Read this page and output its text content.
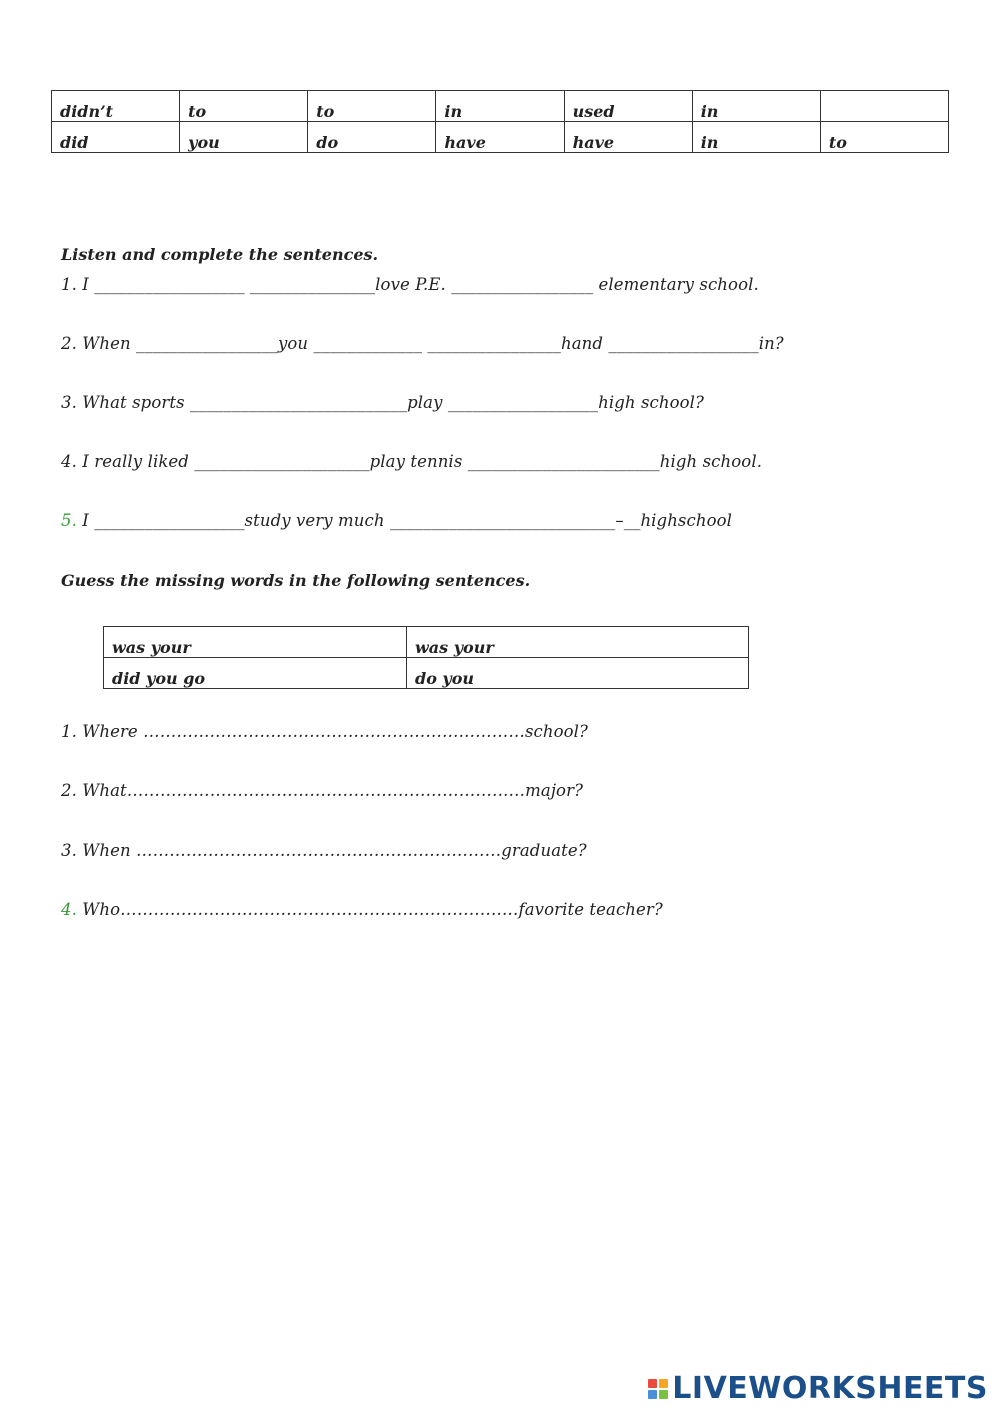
didn’t	to	to	in	used	in	
did	you	do	have	have	in	to
Listen and complete the sentences.
1. I __________________ _______________love P.E. _________________ elementary school.
2. When _________________you _____________ ________________hand __________________in?
3. What sports __________________________play __________________high school?
4. I really liked _____________________play tennis _______________________high school.
5. I __________________study very much ___________________________–__highschool
Guess the missing words in the following sentences.
was your	was your
did you go	do you
1. Where ……………………………………………………………school?
2. What………………………………………………………………major?
3. When …………………………………………………………graduate?
4. Who………………………………………………………………favorite teacher?
LIVEWORKSHEETS
